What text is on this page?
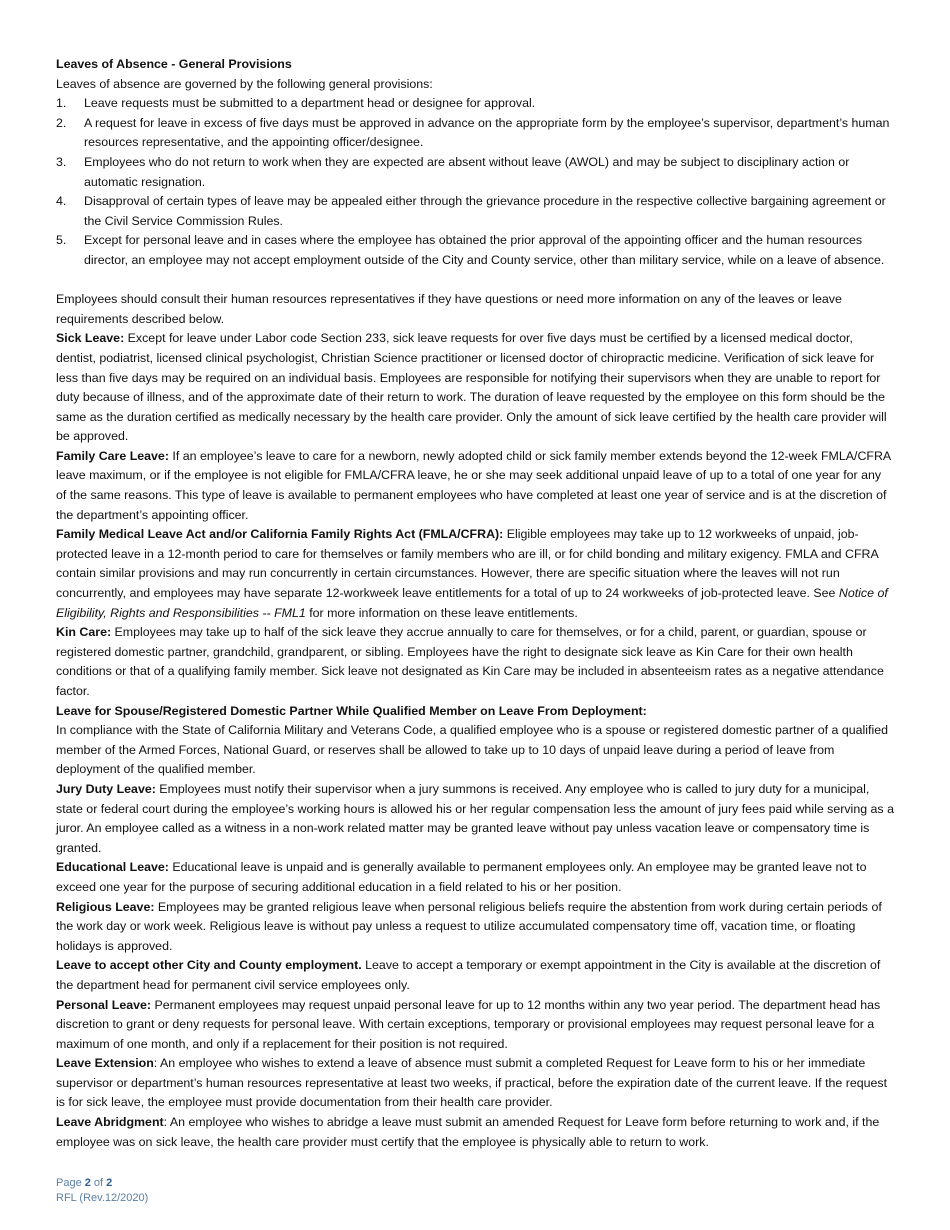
Leaves of Absence - General Provisions

Leaves of absence are governed by the following general provisions:

1. Leave requests must be submitted to a department head or designee for approval.
2. A request for leave in excess of five days must be approved in advance on the appropriate form by the employee’s supervisor, department’s human resources representative, and the appointing officer/designee.
3. Employees who do not return to work when they are expected are absent without leave (AWOL) and may be subject to disciplinary action or automatic resignation.
4. Disapproval of certain types of leave may be appealed either through the grievance procedure in the respective collective bargaining agreement or the Civil Service Commission Rules.
5. Except for personal leave and in cases where the employee has obtained the prior approval of the appointing officer and the human resources director, an employee may not accept employment outside of the City and County service, other than military service, while on a leave of absence.

Employees should consult their human resources representatives if they have questions or need more information on any of the leaves or leave requirements described below.

Sick Leave: Except for leave under Labor code Section 233, sick leave requests for over five days must be certified by a licensed medical doctor, dentist, podiatrist, licensed clinical psychologist, Christian Science practitioner or licensed doctor of chiropractic medicine. Verification of sick leave for less than five days may be required on an individual basis. Employees are responsible for notifying their supervisors when they are unable to report for duty because of illness, and of the approximate date of their return to work. The duration of leave requested by the employee on this form should be the same as the duration certified as medically necessary by the health care provider. Only the amount of sick leave certified by the health care provider will be approved.

Family Care Leave: If an employee’s leave to care for a newborn, newly adopted child or sick family member extends beyond the 12-week FMLA/CFRA leave maximum, or if the employee is not eligible for FMLA/CFRA leave, he or she may seek additional unpaid leave of up to a total of one year for any of the same reasons. This type of leave is available to permanent employees who have completed at least one year of service and is at the discretion of the department’s appointing officer.

Family Medical Leave Act and/or California Family Rights Act (FMLA/CFRA): Eligible employees may take up to 12 workweeks of unpaid, job-protected leave in a 12-month period to care for themselves or family members who are ill, or for child bonding and military exigency. FMLA and CFRA contain similar provisions and may run concurrently in certain circumstances. However, there are specific situation where the leaves will not run concurrently, and employees may have separate 12-workweek leave entitlements for a total of up to 24 workweeks of job-protected leave. See Notice of Eligibility, Rights and Responsibilities -- FML1 for more information on these leave entitlements.

Kin Care: Employees may take up to half of the sick leave they accrue annually to care for themselves, or for a child, parent, or guardian, spouse or registered domestic partner, grandchild, grandparent, or sibling. Employees have the right to designate sick leave as Kin Care for their own health conditions or that of a qualifying family member. Sick leave not designated as Kin Care may be included in absenteeism rates as a negative attendance factor.

Leave for Spouse/Registered Domestic Partner While Qualified Member on Leave From Deployment:

In compliance with the State of California Military and Veterans Code, a qualified employee who is a spouse or registered domestic partner of a qualified member of the Armed Forces, National Guard, or reserves shall be allowed to take up to 10 days of unpaid leave during a period of leave from deployment of the qualified member.

Jury Duty Leave: Employees must notify their supervisor when a jury summons is received. Any employee who is called to jury duty for a municipal, state or federal court during the employee’s working hours is allowed his or her regular compensation less the amount of jury fees paid while serving as a juror. An employee called as a witness in a non-work related matter may be granted leave without pay unless vacation leave or compensatory time is granted.

Educational Leave: Educational leave is unpaid and is generally available to permanent employees only. An employee may be granted leave not to exceed one year for the purpose of securing additional education in a field related to his or her position.

Religious Leave: Employees may be granted religious leave when personal religious beliefs require the abstention from work during certain periods of the work day or work week. Religious leave is without pay unless a request to utilize accumulated compensatory time off, vacation time, or floating holidays is approved.

Leave to accept other City and County employment. Leave to accept a temporary or exempt appointment in the City is available at the discretion of the department head for permanent civil service employees only.

Personal Leave: Permanent employees may request unpaid personal leave for up to 12 months within any two year period. The department head has discretion to grant or deny requests for personal leave. With certain exceptions, temporary or provisional employees may request personal leave for a maximum of one month, and only if a replacement for their position is not required.

Leave Extension: An employee who wishes to extend a leave of absence must submit a completed Request for Leave form to his or her immediate supervisor or department’s human resources representative at least two weeks, if practical, before the expiration date of the current leave. If the request is for sick leave, the employee must provide documentation from their health care provider.

Leave Abridgment: An employee who wishes to abridge a leave must submit an amended Request for Leave form before returning to work and, if the employee was on sick leave, the health care provider must certify that the employee is physically able to return to work.

Page 2 of 2
RFL (Rev.12/2020)
